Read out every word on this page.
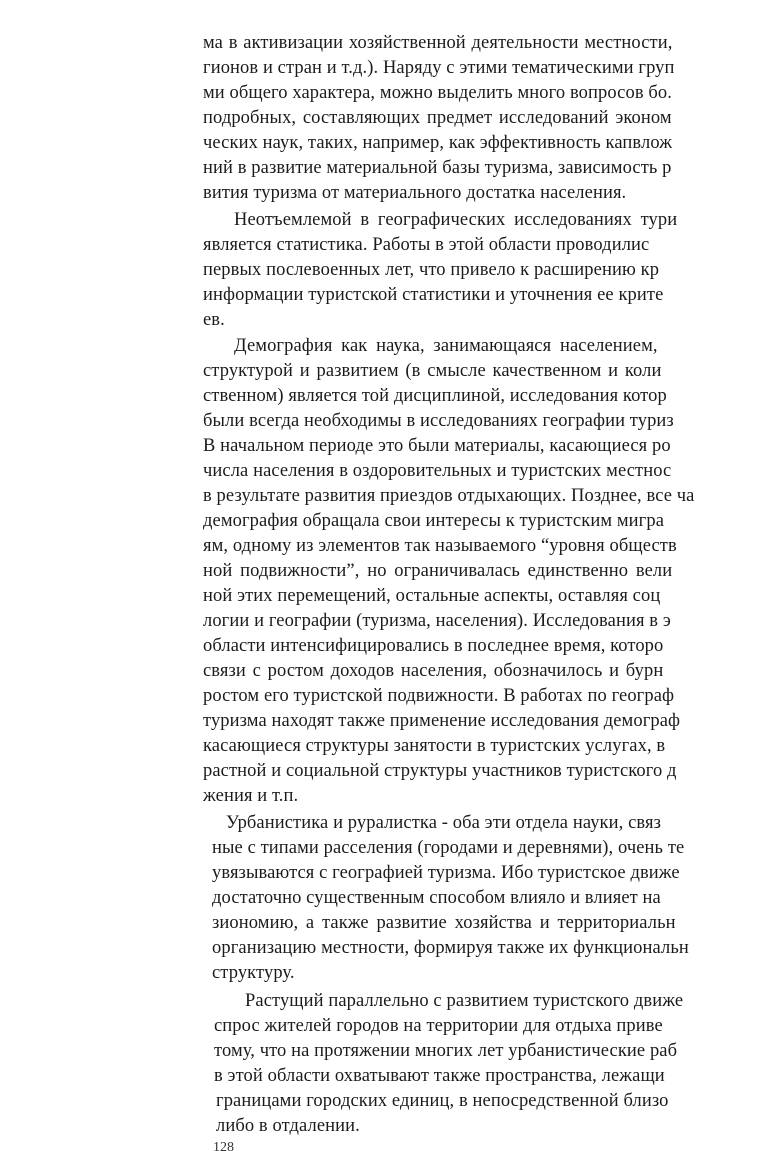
ма в активизации хозяйственной деятельности местности,
гионов и стран и т.д.). Наряду с этими тематическими груп
ми общего характера, можно выделить много вопросов бо.
подробных, составляющих предмет исследований эконом
ческих наук, таких, например, как эффективность капвлож
ний в развитие материальной базы туризма, зависимость р
вития туризма от материального достатка населения.
Неотъемлемой в географических исследованиях тури
является статистика. Работы в этой области проводилис
первых послевоенных лет, что привело к расширению кр
информации туристской статистики и уточнения ее крите
ев.
Демография как наука, занимающаяся населением,
структурой и развитием (в смысле качественном и коли
ственном) является той дисциплиной, исследования котор
были всегда необходимы в исследованиях географии туриз
В начальном периоде это были материалы, касающиеся ро
числа населения в оздоровительных и туристских местнос
в результате развития приездов отдыхающих. Позднее, все ча
демография обращала свои интересы к туристским мигра
ям, одному из элементов так называемого “уровня обществ
ной подвижности”, но ограничивалась единственно вели
ной этих перемещений, остальные аспекты, оставляя соц
логии и географии (туризма, населения). Исследования в э
области интенсифицировались в последнее время, которо
связи с ростом доходов населения, обозначилось и бурн
ростом его туристской подвижности. В работах по географ
туризма находят также применение исследования демограф
касающиеся структуры занятости в туристских услугах, в
растной и социальной структуры участников туристского д
жения и т.п.
Урбанистика и руралистка - оба эти отдела науки, связ
ные с типами расселения (городами и деревнями), очень те
увязываются с географией туризма. Ибо туристское движе
достаточно существенным способом влияло и влияет на
зиономию, а также развитие хозяйства и территориальн
организацию местности, формируя также их функциональн
структуру.
Растущий параллельно с развитием туристского движе
спрос жителей городов на территории для отдыха приве
тому, что на протяжении многих лет урбанистические раб
в этой области охватывают также пространства, лежащи
границами городских единиц, в непосредственной близо
либо в отдалении.
128
